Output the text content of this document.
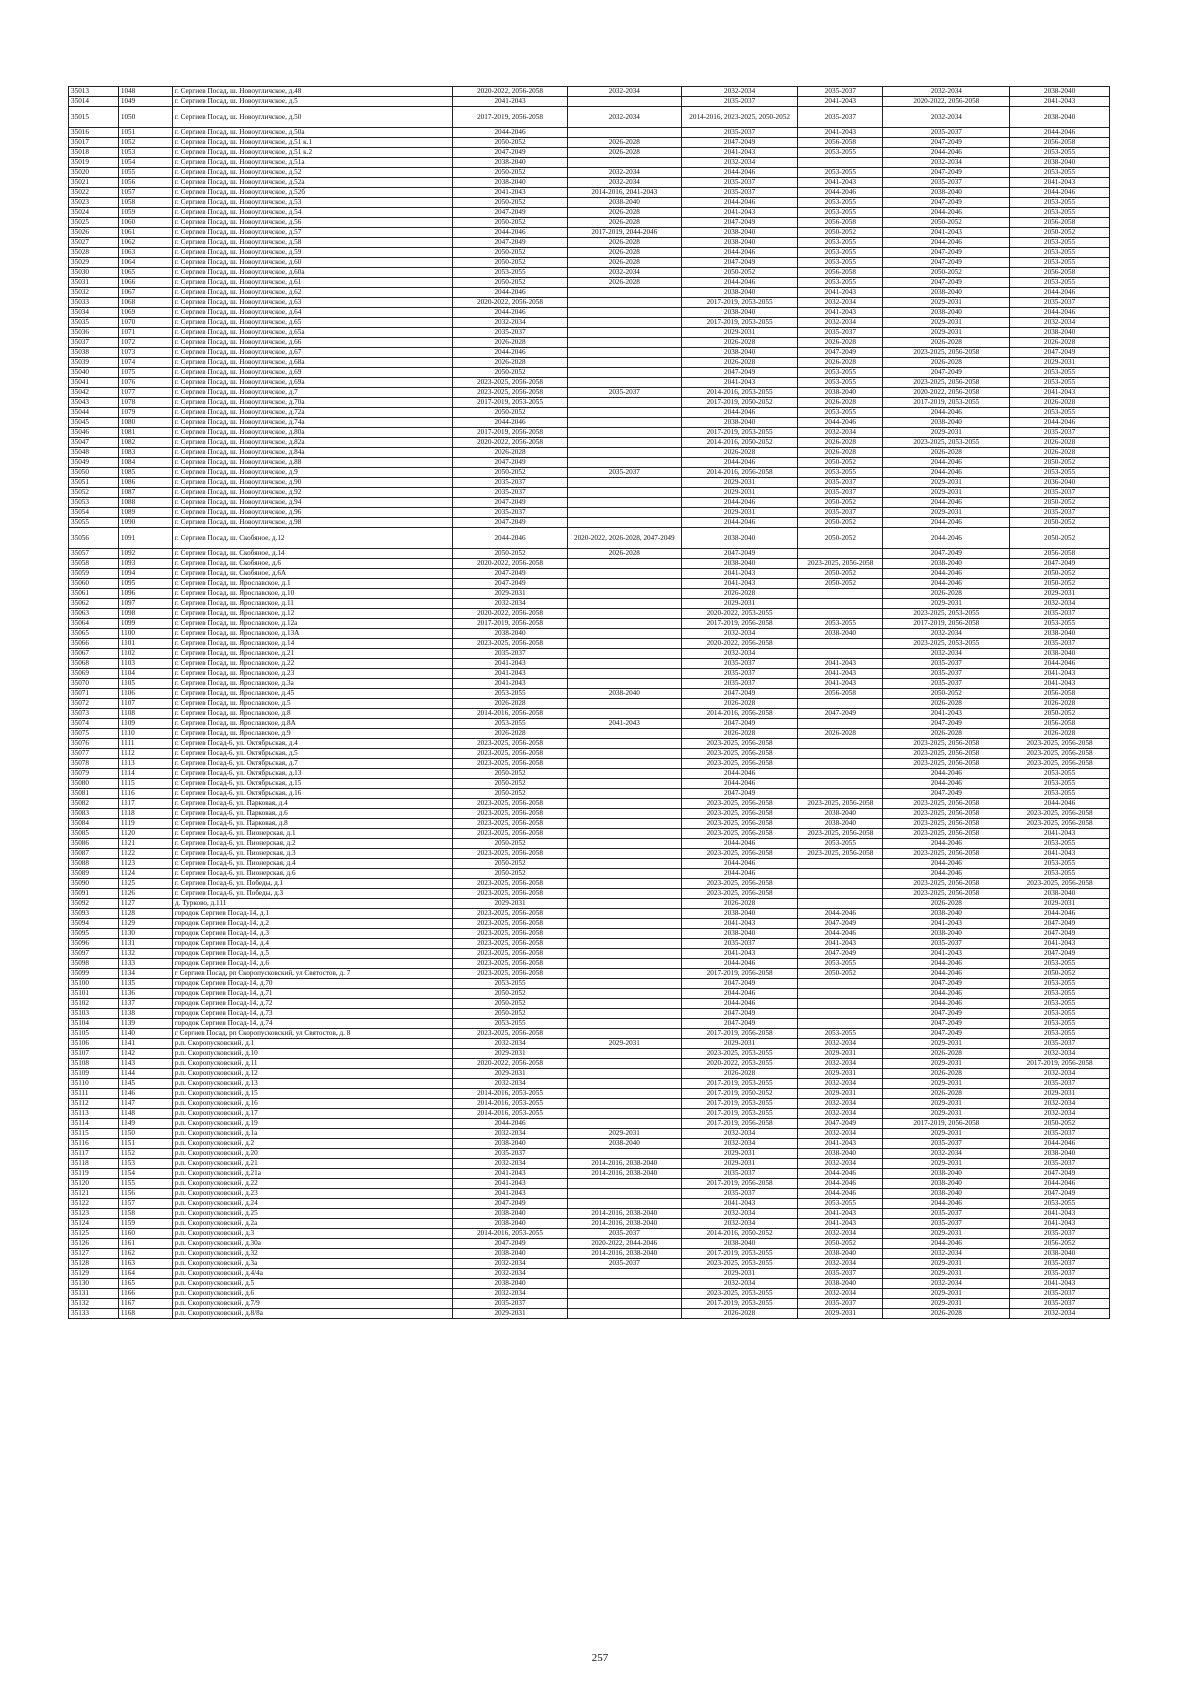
35013	1048	г. Сергиев Посад, ш. Новоугличское, д.48	2020-2022, 2056-2058	2032-2034	2032-2034	2035-2037	2032-2034	2038-2040
35014	1049	г. Сергиев Посад, ш. Новоугличское, д.5	2041-2043		2035-2037	2041-2043	2020-2022, 2056-2058	2041-2043
35015	1050	г. Сергиев Посад, ш. Новоугличское, д.50	2017-2019, 2056-2058	2032-2034	2014-2016, 2023-2025, 2050-2052	2035-2037	2032-2034	2038-2040
35016	1051	г. Сергиев Посад, ш. Новоугличское, д.50а	2044-2046		2035-2037	2041-2043	2035-2037	2044-2046
35017	1052	г. Сергиев Посад, ш. Новоугличское, д.51 к.1	2050-2052	2026-2028	2047-2049	2056-2058	2047-2049	2056-2058
35018	1053	г. Сергиев Посад, ш. Новоугличское, д.51 к.2	2047-2049	2026-2028	2041-2043	2053-2055	2044-2046	2053-2055
35019	1054	г. Сергиев Посад, ш. Новоугличское, д.51а	2038-2040		2032-2034		2032-2034	2038-2040
35020	1055	г. Сергиев Посад, ш. Новоугличское, д.52	2050-2052	2032-2034	2044-2046	2053-2055	2047-2049	2053-2055
35021	1056	г. Сергиев Посад, ш. Новоугличское, д.52а	2038-2040	2032-2034	2035-2037	2041-2043	2035-2037	2041-2043
35022	1057	г. Сергиев Посад, ш. Новоугличское, д.52б	2041-2043	2014-2016, 2041-2043	2035-2037	2044-2046	2038-2040	2044-2046
35023	1058	г. Сергиев Посад, ш. Новоугличское, д.53	2050-2052	2038-2040	2044-2046	2053-2055	2047-2049	2053-2055
35024	1059	г. Сергиев Посад, ш. Новоугличское, д.54	2047-2049	2026-2028	2041-2043	2053-2055	2044-2046	2053-2055
35025	1060	г. Сергиев Посад, ш. Новоугличское, д.56	2050-2052	2026-2028	2047-2049	2056-2058	2050-2052	2056-2058
35026	1061	г. Сергиев Посад, ш. Новоугличское, д.57	2044-2046	2017-2019, 2044-2046	2038-2040	2050-2052	2041-2043	2050-2052
35027	1062	г. Сергиев Посад, ш. Новоугличское, д.58	2047-2049	2026-2028	2038-2040	2053-2055	2044-2046	2053-2055
35028	1063	г. Сергиев Посад, ш. Новоугличское, д.59	2050-2052	2026-2028	2044-2046	2053-2055	2047-2049	2053-2055
35029	1064	г. Сергиев Посад, ш. Новоугличское, д.60	2050-2052	2026-2028	2047-2049	2053-2055	2047-2049	2053-2055
35030	1065	г. Сергиев Посад, ш. Новоугличское, д.60а	2053-2055	2032-2034	2050-2052	2056-2058	2050-2052	2056-2058
35031	1066	г. Сергиев Посад, ш. Новоугличское, д.61	2050-2052	2026-2028	2044-2046	2053-2055	2047-2049	2053-2055
35032	1067	г. Сергиев Посад, ш. Новоугличское, д.62	2044-2046		2038-2040	2041-2043	2038-2040	2044-2046
35033	1068	г. Сергиев Посад, ш. Новоугличское, д.63	2020-2022, 2056-2058		2017-2019, 2053-2055	2032-2034	2029-2031	2035-2037
35034	1069	г. Сергиев Посад, ш. Новоугличское, д.64	2044-2046		2038-2040	2041-2043	2038-2040	2044-2046
35035	1070	г. Сергиев Посад, ш. Новоугличское, д.65	2032-2034		2017-2019, 2053-2055	2032-2034	2029-2031	2032-2034
35036	1071	г. Сергиев Посад, ш. Новоугличское, д.65а	2035-2037		2029-2031	2035-2037	2029-2031	2038-2040
35037	1072	г. Сергиев Посад, ш. Новоугличское, д.66	2026-2028		2026-2028	2026-2028	2026-2028	2026-2028
35038	1073	г. Сергиев Посад, ш. Новоугличское, д.67	2044-2046		2038-2040	2047-2049	2023-2025, 2056-2058	2047-2049
35039	1074	г. Сергиев Посад, ш. Новоугличское, д.68а	2026-2028		2026-2028	2026-2028	2026-2028	2029-2031
35040	1075	г. Сергиев Посад, ш. Новоугличское, д.69	2050-2052		2047-2049	2053-2055	2047-2049	2053-2055
35041	1076	г. Сергиев Посад, ш. Новоугличское, д.69а	2023-2025, 2056-2058		2041-2043	2053-2055	2023-2025, 2056-2058	2053-2055
35042	1077	г. Сергиев Посад, ш. Новоугличское, д.7	2023-2025, 2056-2058	2035-2037	2014-2016, 2053-2055	2038-2040	2020-2022, 2056-2058	2041-2043
35043	1078	г. Сергиев Посад, ш. Новоугличское, д.70а	2017-2019, 2053-2055		2017-2019, 2050-2052	2026-2028	2017-2019, 2053-2055	2026-2028
35044	1079	г. Сергиев Посад, ш. Новоугличское, д.72а	2050-2052		2044-2046	2053-2055	2044-2046	2053-2055
35045	1080	г. Сергиев Посад, ш. Новоугличское, д.74а	2044-2046		2038-2040	2044-2046	2038-2040	2044-2046
35046	1081	г. Сергиев Посад, ш. Новоугличское, д.80а	2017-2019, 2056-2058		2017-2019, 2053-2055	2032-2034	2029-2031	2035-2037
35047	1082	г. Сергиев Посад, ш. Новоугличское, д.82а	2020-2022, 2056-2058		2014-2016, 2050-2052	2026-2028	2023-2025, 2053-2055	2026-2028
35048	1083	г. Сергиев Посад, ш. Новоугличское, д.84а	2026-2028		2026-2028	2026-2028	2026-2028	2026-2028
35049	1084	г. Сергиев Посад, ш. Новоугличское, д.88	2047-2049		2044-2046	2050-2052	2044-2046	2050-2052
35050	1085	г. Сергиев Посад, ш. Новоугличское, д.9	2050-2052	2035-2037	2014-2016, 2056-2058	2053-2055	2044-2046	2053-2055
35051	1086	г. Сергиев Посад, ш. Новоугличское, д.90	2035-2037		2029-2031	2035-2037	2029-2031	2036-2040
35052	1087	г. Сергиев Посад, ш. Новоугличское, д.92	2035-2037		2029-2031	2035-2037	2029-2031	2035-2037
35053	1088	г. Сергиев Посад, ш. Новоугличское, д.94	2047-2049		2044-2046	2050-2052	2044-2046	2050-2052
35054	1089	г. Сергиев Посад, ш. Новоугличское, д.96	2035-2037		2029-2031	2035-2037	2029-2031	2035-2037
35055	1090	г. Сергиев Посад, ш. Новоугличское, д.98	2047-2049		2044-2046	2050-2052	2044-2046	2050-2052
35056	1091	г. Сергиев Посад, ш. Скобяное, д.12	2044-2046	2020-2022, 2026-2028, 2047-2049	2038-2040	2050-2052	2044-2046	2050-2052
35057	1092	г. Сергиев Посад, ш. Скобяное, д.14	2050-2052	2026-2028	2047-2049		2047-2049	2056-2058
35058	1093	г. Сергиев Посад, ш. Скобяное, д.6	2020-2022, 2056-2058		2038-2040	2023-2025, 2056-2058	2038-2040	2047-2049
35059	1094	г. Сергиев Посад, ш. Скобяное, д.6А	2047-2049		2041-2043	2050-2052	2044-2046	2050-2052
35060	1095	г. Сергиев Посад, ш. Ярославское, д.1	2047-2049		2041-2043	2050-2052	2044-2046	2050-2052
35061	1096	г. Сергиев Посад, ш. Ярославское, д.10	2029-2031		2026-2028		2026-2028	2029-2031
35062	1097	г. Сергиев Посад, ш. Ярославское, д.11	2032-2034		2029-2031		2029-2031	2032-2034
35063	1098	г. Сергиев Посад, ш. Ярославское, д.12	2020-2022, 2056-2058		2020-2022, 2053-2055		2023-2025, 2053-2055	2035-2037
35064	1099	г. Сергиев Посад, ш. Ярославское, д.12а	2017-2019, 2056-2058		2017-2019, 2056-2058	2053-2055	2017-2019, 2056-2058	2053-2055
35065	1100	г. Сергиев Посад, ш. Ярославское, д.13А	2038-2040		2032-2034	2038-2040	2032-2034	2038-2040
35066	1101	г. Сергиев Посад, ш. Ярославское, д.14	2023-2025, 2056-2058		2020-2022, 2056-2058		2023-2025, 2053-2055	2035-2037
35067	1102	г. Сергиев Посад, ш. Ярославское, д.21	2035-2037		2032-2034		2032-2034	2038-2040
35068	1103	г. Сергиев Посад, ш. Ярославское, д.22	2041-2043		2035-2037	2041-2043	2035-2037	2044-2046
35069	1104	г. Сергиев Посад, ш. Ярославское, д.23	2041-2043		2035-2037	2041-2043	2035-2037	2041-2043
35070	1105	г. Сергиев Посад, ш. Ярославское, д.3а	2041-2043		2035-2037	2041-2043	2035-2037	2041-2043
35071	1106	г. Сергиев Посад, ш. Ярославское, д.45	2053-2055	2038-2040	2047-2049	2056-2058	2050-2052	2056-2058
35072	1107	г. Сергиев Посад, ш. Ярославское, д.5	2026-2028		2026-2028		2026-2028	2026-2028
35073	1108	г. Сергиев Посад, ш. Ярославское, д.8	2014-2016, 2056-2058		2014-2016, 2056-2058	2047-2049	2041-2043	2050-2052
35074	1109	г. Сергиев Посад, ш. Ярославское, д.8А	2053-2055	2041-2043	2047-2049		2047-2049	2056-2058
35075	1110	г. Сергиев Посад, ш. Ярославское, д.9	2026-2028		2026-2028	2026-2028	2026-2028	2026-2028
35076	1111	г. Сергиев Посад-6, ул. Октябрьская, д.4	2023-2025, 2056-2058		2023-2025, 2056-2058		2023-2025, 2056-2058	2023-2025, 2056-2058
35077	1112	г. Сергиев Посад-6, ул. Октябрьская, д.5	2023-2025, 2056-2058		2023-2025, 2056-2058		2023-2025, 2056-2058	2023-2025, 2056-2058
35078	1113	г. Сергиев Посад-6, ул. Октябрьская, д.7	2023-2025, 2056-2058		2023-2025, 2056-2058		2023-2025, 2056-2058	2023-2025, 2056-2058
35079	1114	г. Сергиев Посад-6, ул. Октябрьская, д.13	2050-2052		2044-2046		2044-2046	2053-2055
35080	1115	г. Сергиев Посад-6, ул. Октябрьская, д.15	2050-2052		2044-2046		2044-2046	2053-2055
35081	1116	г. Сергиев Посад-6, ул. Октябрьская, д.16	2050-2052		2047-2049		2047-2049	2053-2055
35082	1117	г. Сергиев Посад-6, ул. Парковая, д.4	2023-2025, 2056-2058		2023-2025, 2056-2058	2023-2025, 2056-2058	2023-2025, 2056-2058	2044-2046
35083	1118	г. Сергиев Посад-6, ул. Парковая, д.6	2023-2025, 2056-2058		2023-2025, 2056-2058	2038-2040	2023-2025, 2056-2058	2023-2025, 2056-2058
35084	1119	г. Сергиев Посад-6, ул. Парковая, д.8	2023-2025, 2056-2058		2023-2025, 2056-2058	2038-2040	2023-2025, 2056-2058	2023-2025, 2056-2058
35085	1120	г. Сергиев Посад-6, ул. Пионерская, д.1	2023-2025, 2056-2058		2023-2025, 2056-2058	2023-2025, 2056-2058	2023-2025, 2056-2058	2041-2043
35086	1121	г. Сергиев Посад-6, ул. Пионерская, д.2	2050-2052		2044-2046	2053-2055	2044-2046	2053-2055
35087	1122	г. Сергиев Посад-6, ул. Пионерская, д.3	2023-2025, 2056-2058		2023-2025, 2056-2058	2023-2025, 2056-2058	2023-2025, 2056-2058	2041-2043
35088	1123	г. Сергиев Посад-6, ул. Пионерская, д.4	2050-2052		2044-2046		2044-2046	2053-2055
35089	1124	г. Сергиев Посад-6, ул. Пионерская, д.6	2050-2052		2044-2046		2044-2046	2053-2055
35090	1125	г. Сергиев Посад-6, ул. Победы, д.1	2023-2025, 2056-2058		2023-2025, 2056-2058		2023-2025, 2056-2058	2023-2025, 2056-2058
35091	1126	г. Сергиев Посад-6, ул. Победы, д.3	2023-2025, 2056-2058		2023-2025, 2056-2058		2023-2025, 2056-2058	2038-2040
35092	1127	д. Турково, д.111	2029-2031		2026-2028		2026-2028	2029-2031
35093	1128	городок Сергиев Посад-14, д.1	2023-2025, 2056-2058		2038-2040	2044-2046	2038-2040	2044-2046
35094	1129	городок Сергиев Посад-14, д.2	2023-2025, 2056-2058		2041-2043	2047-2049	2041-2043	2047-2049
35095	1130	городок Сергиев Посад-14, д.3	2023-2025, 2056-2058		2038-2040	2044-2046	2038-2040	2047-2049
35096	1131	городок Сергиев Посад-14, д.4	2023-2025, 2056-2058		2035-2037	2041-2043	2035-2037	2041-2043
35097	1132	городок Сергиев Посад-14, д.5	2023-2025, 2056-2058		2041-2043	2047-2049	2041-2043	2047-2049
35098	1133	городок Сергиев Посад-14, д.6	2023-2025, 2056-2058		2044-2046	2053-2055	2044-2046	2053-2055
35099	1134	г Сергиев Посад, рп Скоропусковский, ул Святостов, д. 7	2023-2025, 2056-2058		2017-2019, 2056-2058	2050-2052	2044-2046	2050-2052
35100	1135	городок Сергиев Посад-14, д.70	2053-2055		2047-2049		2047-2049	2053-2055
35101	1136	городок Сергиев Посад-14, д.71	2050-2052		2044-2046		2044-2046	2053-2055
35102	1137	городок Сергиев Посад-14, д.72	2050-2052		2044-2046		2044-2046	2053-2055
35103	1138	городок Сергиев Посад-14, д.73	2050-2052		2047-2049		2047-2049	2053-2055
35104	1139	городок Сергиев Посад-14, д.74	2053-2055		2047-2049		2047-2049	2053-2055
35105	1140	г Сергиев Посад, рп Скоропусковский, ул Святостов, д. 8	2023-2025, 2056-2058		2017-2019, 2056-2058	2053-2055	2047-2049	2053-2055
35106	1141	р.п. Скоропусковский, д.1	2032-2034	2029-2031	2029-2031	2032-2034	2029-2031	2035-2037
35107	1142	р.п. Скоропусковский, д.10	2029-2031		2023-2025, 2053-2055	2029-2031	2026-2028	2032-2034
35108	1143	р.п. Скоропусковский, д.11	2020-2022, 2056-2058		2020-2022, 2053-2055	2032-2034	2029-2031	2017-2019, 2056-2058
35109	1144	р.п. Скоропусковский, д.12	2029-2031		2026-2028	2029-2031	2026-2028	2032-2034
35110	1145	р.п. Скоропусковский, д.13	2032-2034		2017-2019, 2053-2055	2032-2034	2029-2031	2035-2037
35111	1146	р.п. Скоропусковский, д.15	2014-2016, 2053-2055		2017-2019, 2050-2052	2029-2031	2026-2028	2029-2031
35112	1147	р.п. Скоропусковский, д.16	2014-2016, 2053-2055		2017-2019, 2053-2055	2032-2034	2029-2031	2032-2034
35113	1148	р.п. Скоропусковский, д.17	2014-2016, 2053-2055		2017-2019, 2053-2055	2032-2034	2029-2031	2032-2034
35114	1149	р.п. Скоропусковский, д.19	2044-2046		2017-2019, 2056-2058	2047-2049	2017-2019, 2056-2058	2050-2052
35115	1150	р.п. Скоропусковский, д.1а	2032-2034	2029-2031	2032-2034	2032-2034	2029-2031	2035-2037
35116	1151	р.п. Скоропусковский, д.2	2038-2040	2038-2040	2032-2034	2041-2043	2035-2037	2044-2046
35117	1152	р.п. Скоропусковский, д.20	2035-2037		2029-2031	2038-2040	2032-2034	2038-2040
35118	1153	р.п. Скоропусковский, д.21	2032-2034	2014-2016, 2038-2040	2029-2031	2032-2034	2029-2031	2035-2037
35119	1154	р.п. Скоропусковский, д.21а	2041-2043	2014-2016, 2038-2040	2035-2037	2044-2046	2038-2040	2047-2049
35120	1155	р.п. Скоропусковский, д.22	2041-2043		2017-2019, 2056-2058	2044-2046	2038-2040	2044-2046
35121	1156	р.п. Скоропусковский, д.23	2041-2043		2035-2037	2044-2046	2038-2040	2047-2049
35122	1157	р.п. Скоропусковский, д.24	2047-2049		2041-2043	2053-2055	2044-2046	2053-2055
35123	1158	р.п. Скоропусковский, д.25	2038-2040	2014-2016, 2038-2040	2032-2034	2041-2043	2035-2037	2041-2043
35124	1159	р.п. Скоропусковский, д.2а	2038-2040	2014-2016, 2038-2040	2032-2034	2041-2043	2035-2037	2041-2043
35125	1160	р.п. Скоропусковский, д.3	2014-2016, 2053-2055	2035-2037	2014-2016, 2050-2052	2032-2034	2029-2031	2035-2037
35126	1161	р.п. Скоропусковский, д.30а	2047-2049	2020-2022, 2044-2046	2038-2040	2050-2052	2044-2046	2056-2052
35127	1162	р.п. Скоропусковский, д.32	2038-2040	2014-2016, 2038-2040	2017-2019, 2053-2055	2038-2040	2032-2034	2038-2040
35128	1163	р.п. Скоропусковский, д.3а	2032-2034	2035-2037	2023-2025, 2053-2055	2032-2034	2029-2031	2035-2037
35129	1164	р.п. Скоропусковский, д.4/4а	2032-2034		2029-2031	2035-2037	2029-2031	2035-2037
35130	1165	р.п. Скоропусковский, д.5	2038-2040		2032-2034	2038-2040	2032-2034	2041-2043
35131	1166	р.п. Скоропусковский, д.6	2032-2034		2023-2025, 2053-2055	2032-2034	2029-2031	2035-2037
35132	1167	р.п. Скоропусковский, д.7/9	2035-2037		2017-2019, 2053-2055	2035-2037	2029-2031	2035-2037
35133	1168	р.п. Скоропусковский, д.8/8а	2029-2031		2026-2028	2029-2031	2026-2028	2032-2034
257
